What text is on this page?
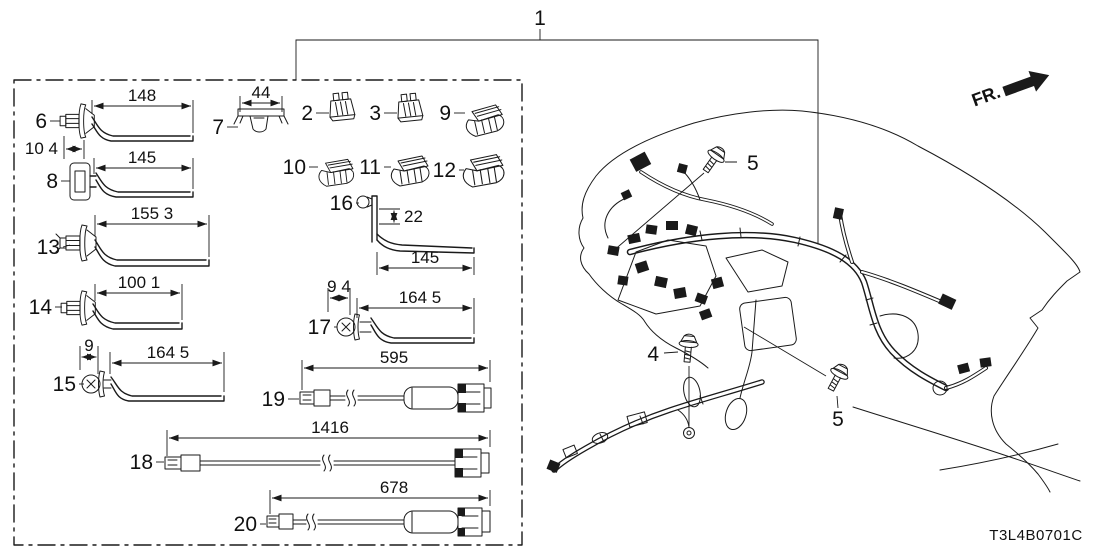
1
FR.
6
148
10 4
7
44
8
145
13
155 3
14
100 1
15
9	164 5
2	3	9
10	11 12
16
22
145
17
9 4
164 5
19
595
18
1416
20
678
5
4
5
T3L4B0701C
